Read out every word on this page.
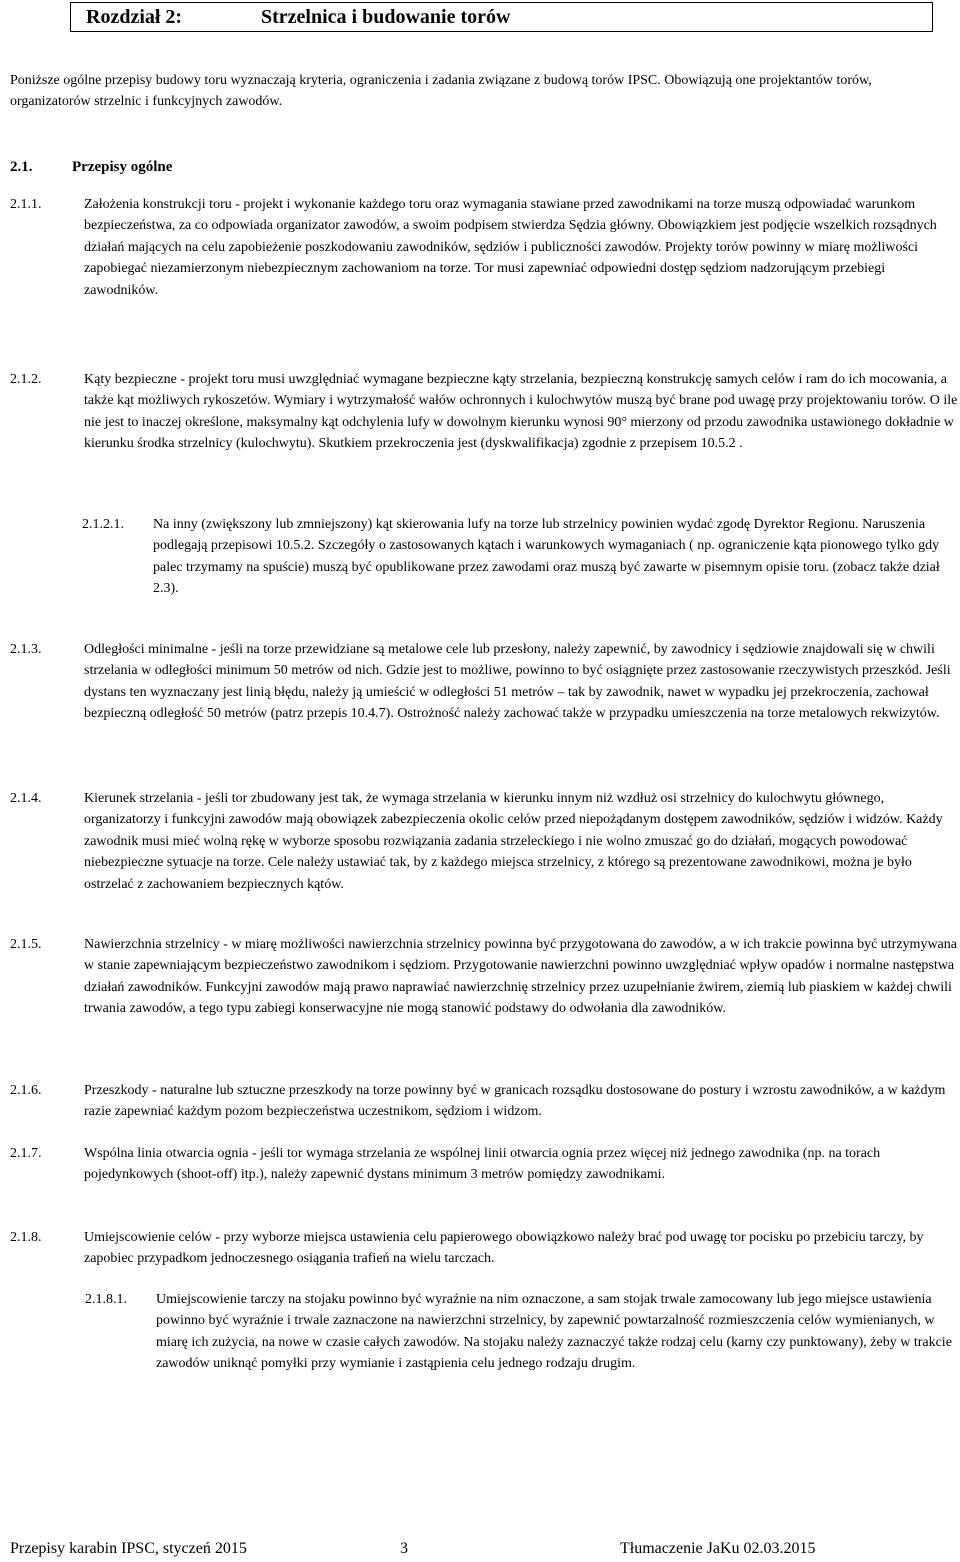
Rozdział 2:	Strzelnica i budowanie torów

Poniższe ogólne przepisy budowy toru wyznaczają kryteria, ograniczenia i zadania związane z budową torów IPSC. Obowiązują one projektantów torów, organizatorów strzelnic i funkcyjnych zawodów.

2.1.	Przepisy ogólne
2.1.1.	Założenia konstrukcji toru - projekt i wykonanie każdego toru oraz wymagania stawiane przed zawodnikami na torze muszą odpowiadać warunkom bezpieczeństwa, za co odpowiada organizator zawodów, a swoim podpisem stwierdza Sędzia główny. Obowiązkiem jest podjęcie wszelkich rozsądnych działań mających na celu zapobieżenie poszkodowaniu zawodników, sędziów i publiczności zawodów. Projekty torów powinny w miarę możliwości zapobiegać niezamierzonym niebezpiecznym zachowaniom na torze. Tor musi zapewniać odpowiedni dostęp sędziom nadzorującym przebiegi zawodników.
2.1.2.	Kąty bezpieczne - projekt toru musi uwzględniać wymagane bezpieczne kąty strzelania, bezpieczną konstrukcję samych celów i ram do ich mocowania, a także kąt możliwych rykoszetów. Wymiary i wytrzymałość wałów ochronnych i kulochwytów muszą być brane pod uwagę przy projektowaniu torów. O ile nie jest to inaczej określone, maksymalny kąt odchylenia lufy w dowolnym kierunku wynosi 90° mierzony od przodu zawodnika ustawionego dokładnie w kierunku środka strzelnicy (kulochwytu). Skutkiem przekroczenia jest (dyskwalifikacja) zgodnie z przepisem 10.5.2 .
2.1.2.1. Na inny (zwiększony lub zmniejszony) kąt skierowania lufy na torze lub strzelnicy powinien wydać zgodę Dyrektor Regionu. Naruszenia podlegają przepisowi 10.5.2. Szczegóły o zastosowanych kątach i warunkowych wymaganiach ( np. ograniczenie kąta pionowego tylko gdy palec trzymamy na spuście) muszą być opublikowane przez zawodami oraz muszą być zawarte w pisemnym opisie toru. (zobacz także dział 2.3).
2.1.3.	Odległości minimalne - jeśli na torze przewidziane są metalowe cele lub przesłony, należy zapewnić, by zawodnicy i sędziowie znajdowali się w chwili strzelania w odległości minimum 50 metrów od nich. Gdzie jest to możliwe, powinno to być osiągnięte przez zastosowanie rzeczywistych przeszkód. Jeśli dystans ten wyznaczany jest linią błędu, należy ją umieścić w odległości 51 metrów – tak by zawodnik, nawet w wypadku jej przekroczenia, zachował bezpieczną odległość 50 metrów (patrz przepis 10.4.7). Ostrożność należy zachować także w przypadku umieszczenia na torze metalowych rekwizytów.
2.1.4.	Kierunek strzelania - jeśli tor zbudowany jest tak, że wymaga strzelania w kierunku innym niż wzdłuż osi strzelnicy do kulochwytu głównego, organizatorzy i funkcyjni zawodów mają obowiązek zabezpieczenia okolic celów przed niepożądanym dostępem zawodników, sędziów i widzów. Każdy zawodnik musi mieć wolną rękę w wyborze sposobu rozwiązania zadania strzeleckiego i nie wolno zmuszać go do działań, mogących powodować niebezpieczne sytuacje na torze. Cele należy ustawiać tak, by z każdego miejsca strzelnicy, z którego są prezentowane zawodnikowi, można je było ostrzelać z zachowaniem bezpiecznych kątów.
2.1.5.	Nawierzchnia strzelnicy - w miarę możliwości nawierzchnia strzelnicy powinna być przygotowana do zawodów, a w ich trakcie powinna być utrzymywana w stanie zapewniającym bezpieczeństwo zawodnikom i sędziom. Przygotowanie nawierzchni powinno uwzględniać wpływ opadów i normalne następstwa działań zawodników. Funkcyjni zawodów mają prawo naprawiać nawierzchnię strzelnicy przez uzupełnianie żwirem, ziemią lub piaskiem w każdej chwili trwania zawodów, a tego typu zabiegi konserwacyjne nie mogą stanowić podstawy do odwołania dla zawodników.
2.1.6.	Przeszkody - naturalne lub sztuczne przeszkody na torze powinny być w granicach rozsądku dostosowane do postury i wzrostu zawodników, a w każdym razie zapewniać każdym pozom bezpieczeństwa uczestnikom, sędziom i widzom.
2.1.7.	Wspólna linia otwarcia ognia - jeśli tor wymaga strzelania ze wspólnej linii otwarcia ognia przez więcej niż jednego zawodnika (np. na torach pojedynkowych (shoot-off) itp.), należy zapewnić dystans minimum 3 metrów pomiędzy zawodnikami.
2.1.8.	Umiejscowienie celów - przy wyborze miejsca ustawienia celu papierowego obowiązkowo należy brać pod uwagę tor pocisku po przebiciu tarczy, by zapobiec przypadkom jednoczesnego osiągania trafień na wielu tarczach.
2.1.8.1. Umiejscowienie tarczy na stojaku powinno być wyraźnie na nim oznaczone, a sam stojak trwale zamocowany lub jego miejsce ustawienia powinno być wyraźnie i trwale zaznaczone na nawierzchni strzelnicy, by zapewnić powtarzalność rozmieszczenia celów wymienianych, w miarę ich zużycia, na nowe w czasie całych zawodów. Na stojaku należy zaznaczyć także rodzaj celu (karny czy punktowany), żeby w trakcie zawodów uniknąć pomyłki przy wymianie i zastąpienia celu jednego rodzaju drugim.
Przepisy karabin IPSC, styczeń 2015	3	Tłumaczenie JaKu 02.03.2015
